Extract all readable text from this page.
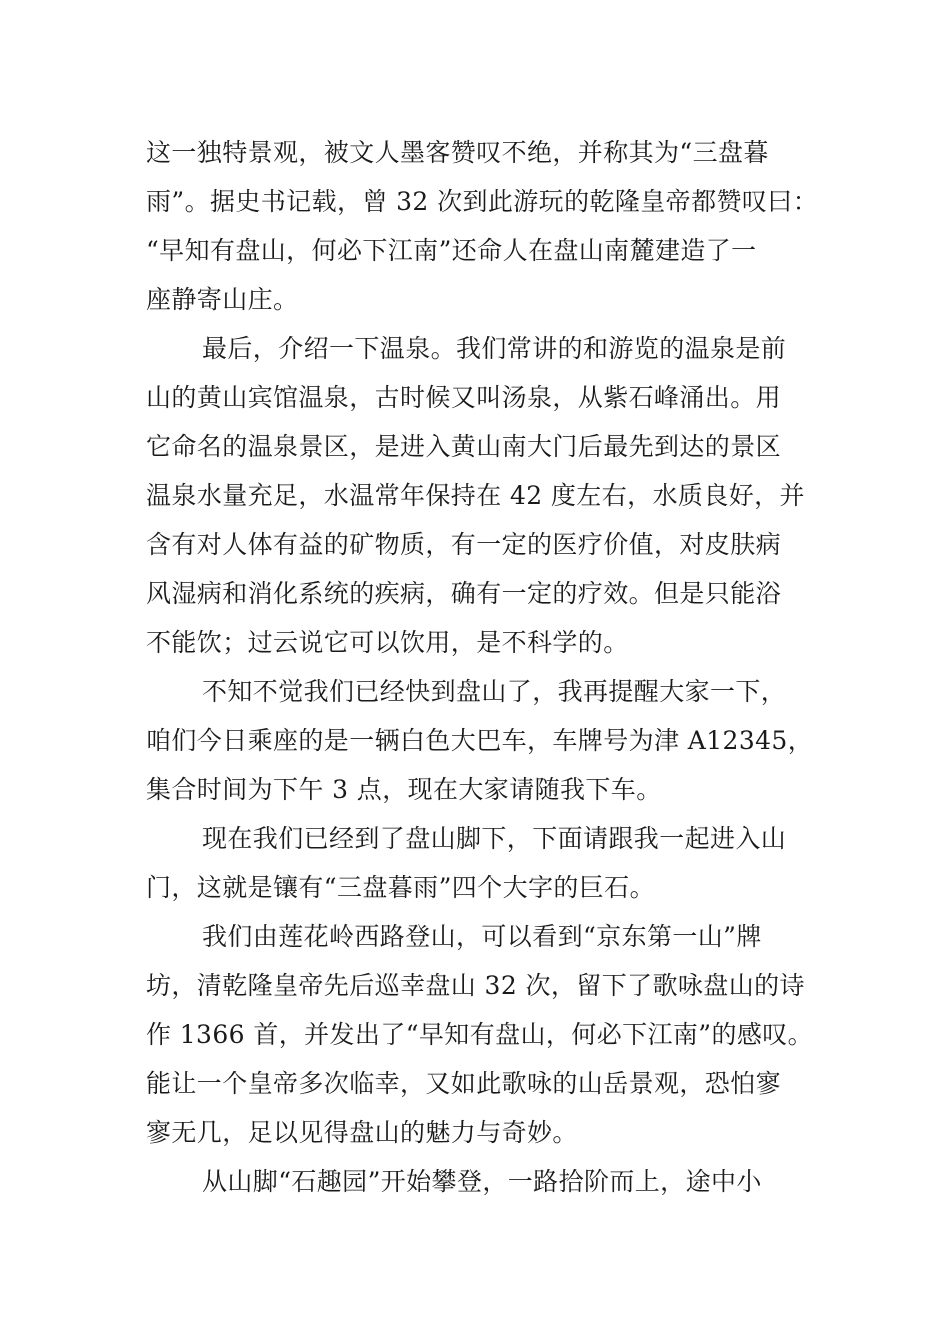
这一独特景观，被文人墨客赞叹不绝，并称其为“三盘暮
雨”。据史书记载，曾 32 次到此游玩的乾隆皇帝都赞叹曰：
“早知有盘山，何必下江南”还命人在盘山南麓建造了一
座静寄山庄。
最后，介绍一下温泉。我们常讲的和游览的温泉是前
山的黄山宾馆温泉，古时候又叫汤泉，从紫石峰涌出。用
它命名的温泉景区，是进入黄山南大门后最先到达的景区
温泉水量充足，水温常年保持在 42 度左右，水质良好，并
含有对人体有益的矿物质，有一定的医疗价值，对皮肤病
风湿病和消化系统的疾病，确有一定的疗效。但是只能浴
不能饮；过云说它可以饮用，是不科学的。
不知不觉我们已经快到盘山了，我再提醒大家一下，
咱们今日乘座的是一辆白色大巴车，车牌号为津 A12345，
集合时间为下午 3 点，现在大家请随我下车。
现在我们已经到了盘山脚下，下面请跟我一起进入山
门，这就是镶有“三盘暮雨”四个大字的巨石。
我们由莲花岭西路登山，可以看到“京东第一山”牌
坊，清乾隆皇帝先后巡幸盘山 32 次，留下了歌咏盘山的诗
作 1366 首，并发出了“早知有盘山，何必下江南”的感叹。
能让一个皇帝多次临幸，又如此歌咏的山岳景观，恐怕寥
寥无几，足以见得盘山的魅力与奇妙。
从山脚“石趣园”开始攀登，一路拾阶而上，途中小
